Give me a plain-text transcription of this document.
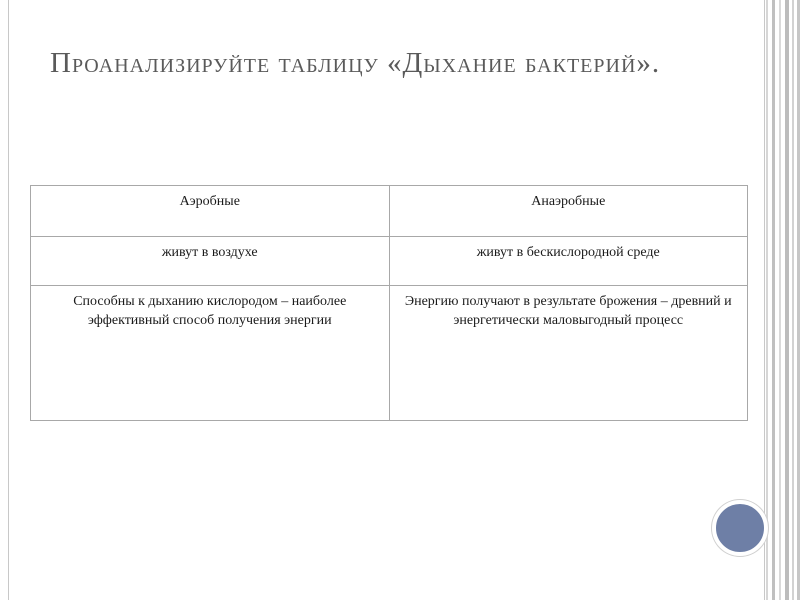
Проанализируйте таблицу «Дыхание бактерий».
Аэробные	Анаэробные
живут в воздухе	живут в бескислородной среде
Способны к дыханию кислородом – наиболее эффективный способ получения энергии	Энергию получают в результате брожения – древний и энергетически маловыгодный процесс
